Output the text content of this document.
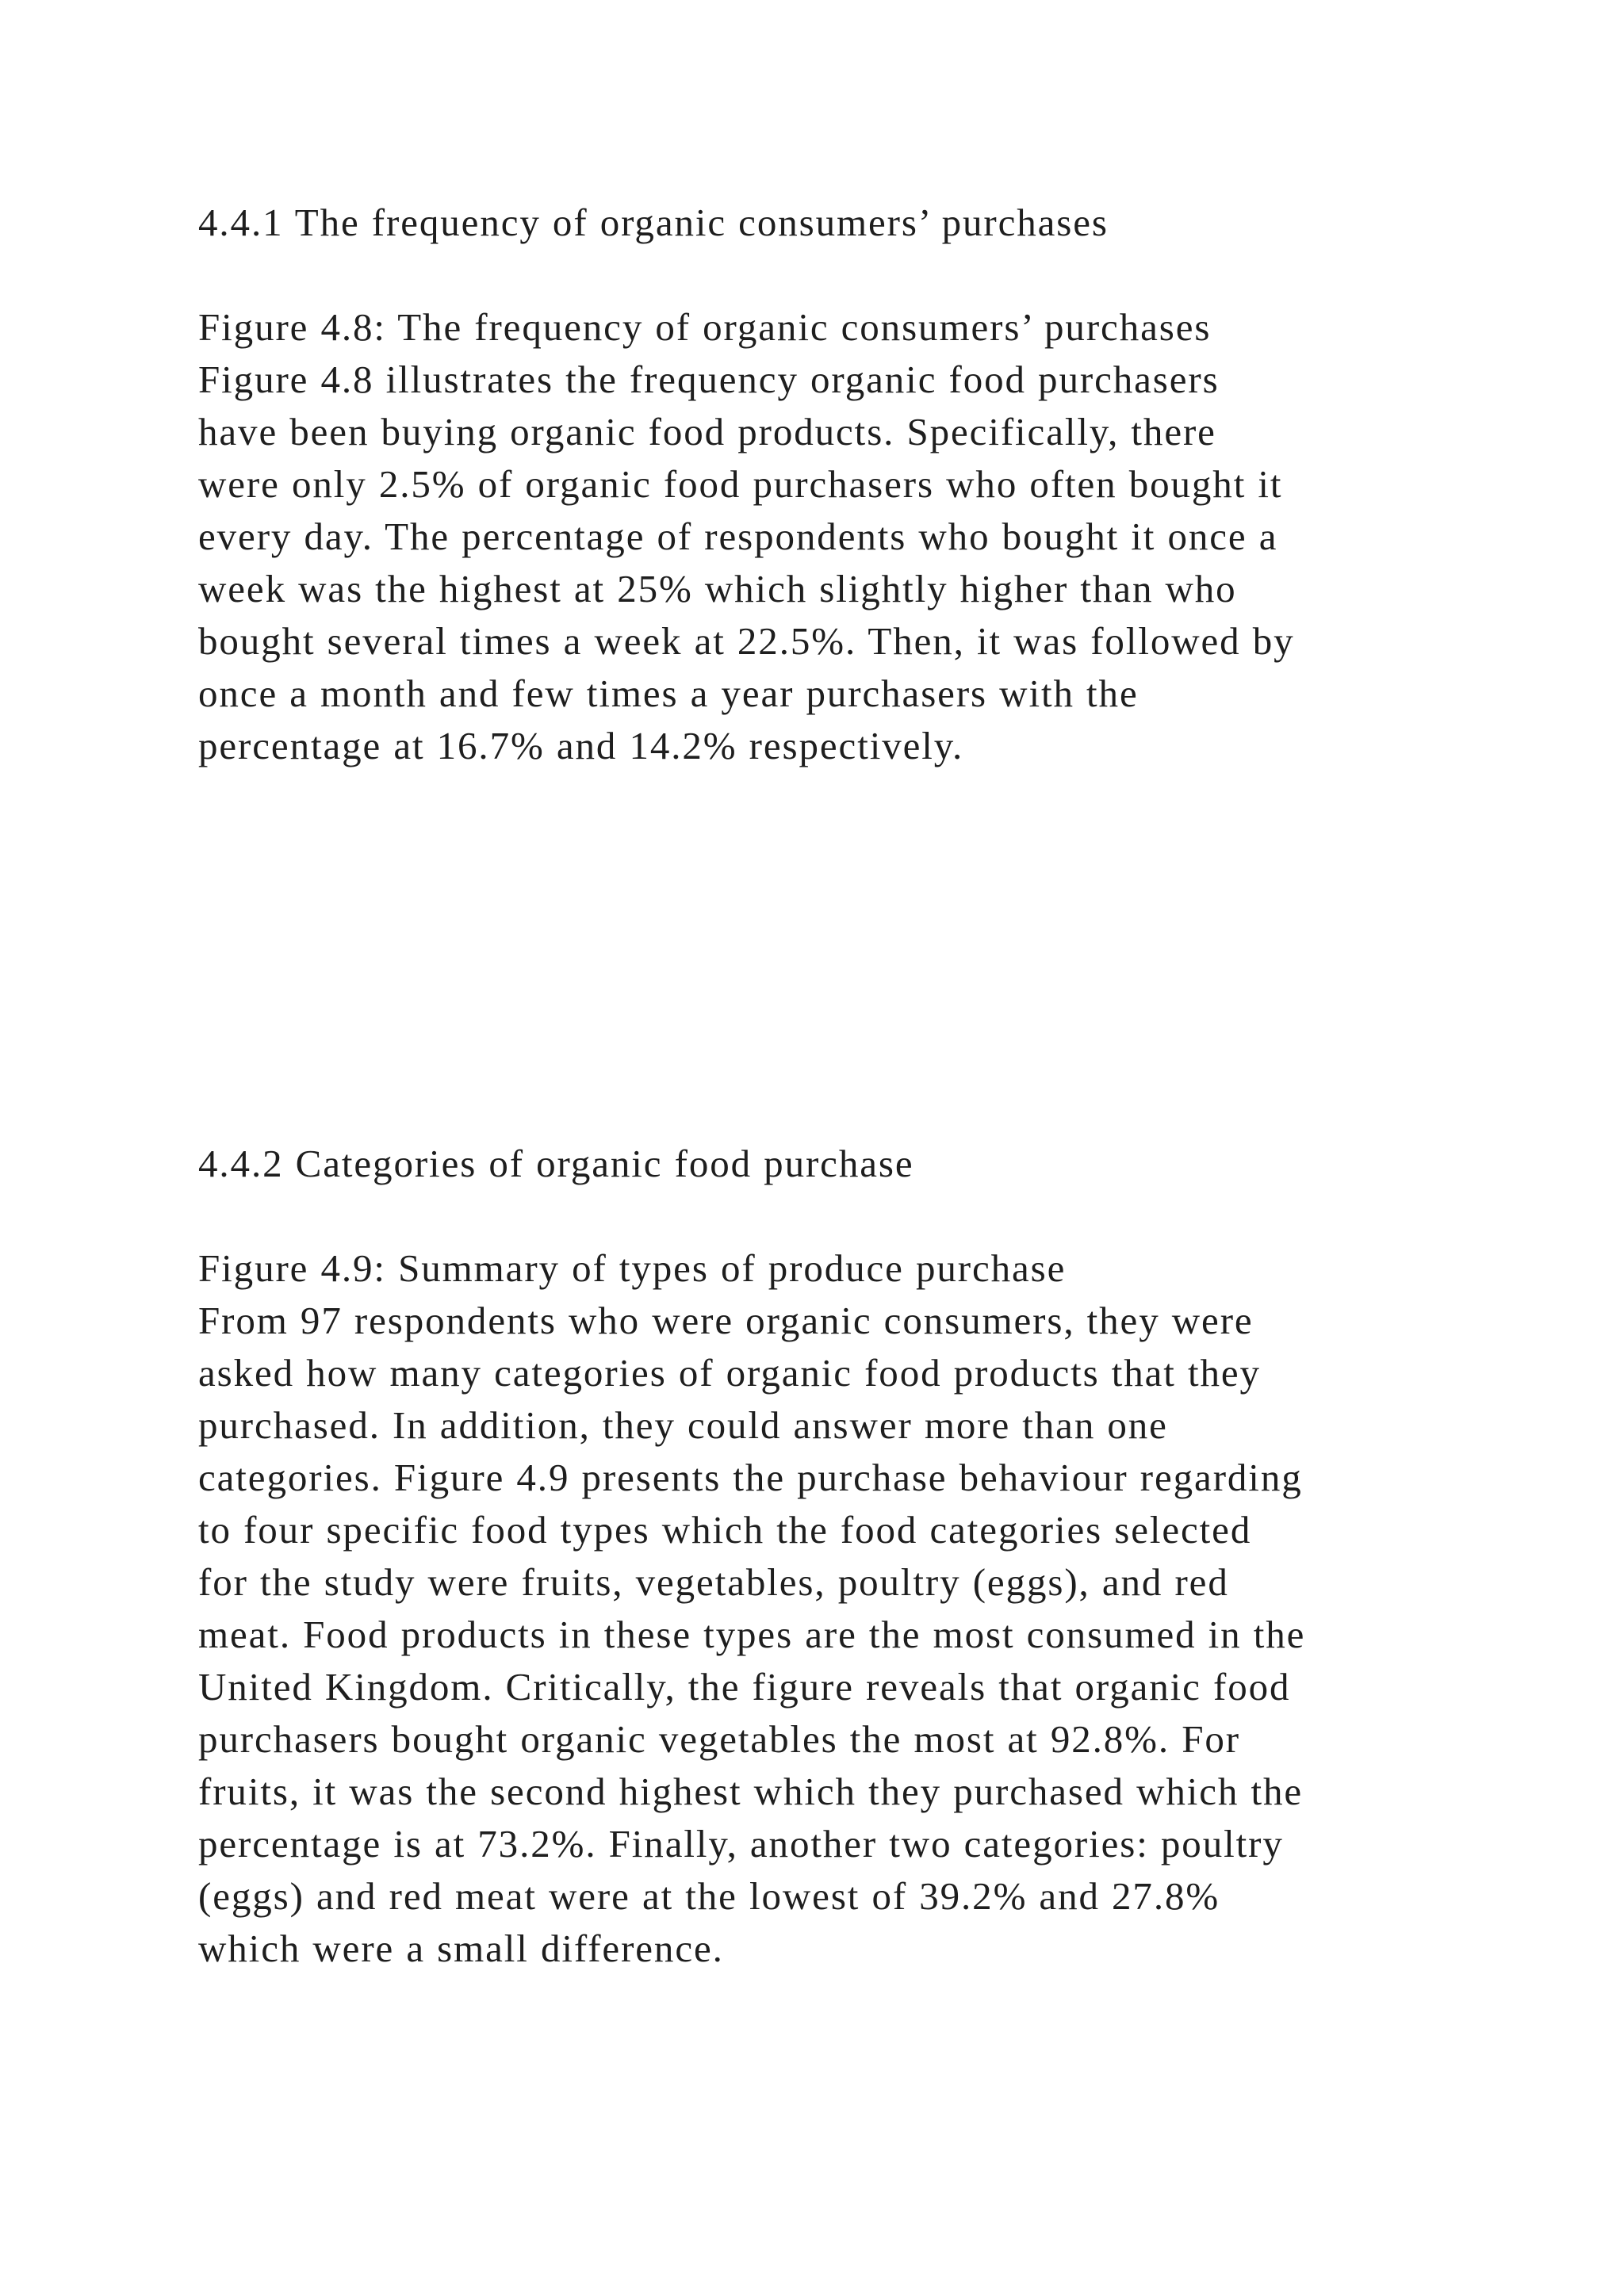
4.4.1 The frequency of organic consumers’ purchases
Figure 4.8: The frequency of organic consumers’ purchases
Figure 4.8 illustrates the frequency organic food purchasers
have been buying organic food products. Specifically, there
were only 2.5% of organic food purchasers who often bought it
every day. The percentage of respondents who bought it once a
week was the highest at 25% which slightly higher than who
bought several times a week at 22.5%. Then, it was followed by
once a month and few times a year purchasers with the
percentage at 16.7% and 14.2% respectively.
4.4.2 Categories of organic food purchase
Figure 4.9: Summary of types of produce purchase
From 97 respondents who were organic consumers, they were
asked how many categories of organic food products that they
purchased. In addition, they could answer more than one
categories. Figure 4.9 presents the purchase behaviour regarding
to four specific food types which the food categories selected
for the study were fruits, vegetables, poultry (eggs), and red
meat. Food products in these types are the most consumed in the
United Kingdom. Critically, the figure reveals that organic food
purchasers bought organic vegetables the most at 92.8%. For
fruits, it was the second highest which they purchased which the
percentage is at 73.2%. Finally, another two categories: poultry
(eggs) and red meat were at the lowest of 39.2% and 27.8%
which were a small difference.
